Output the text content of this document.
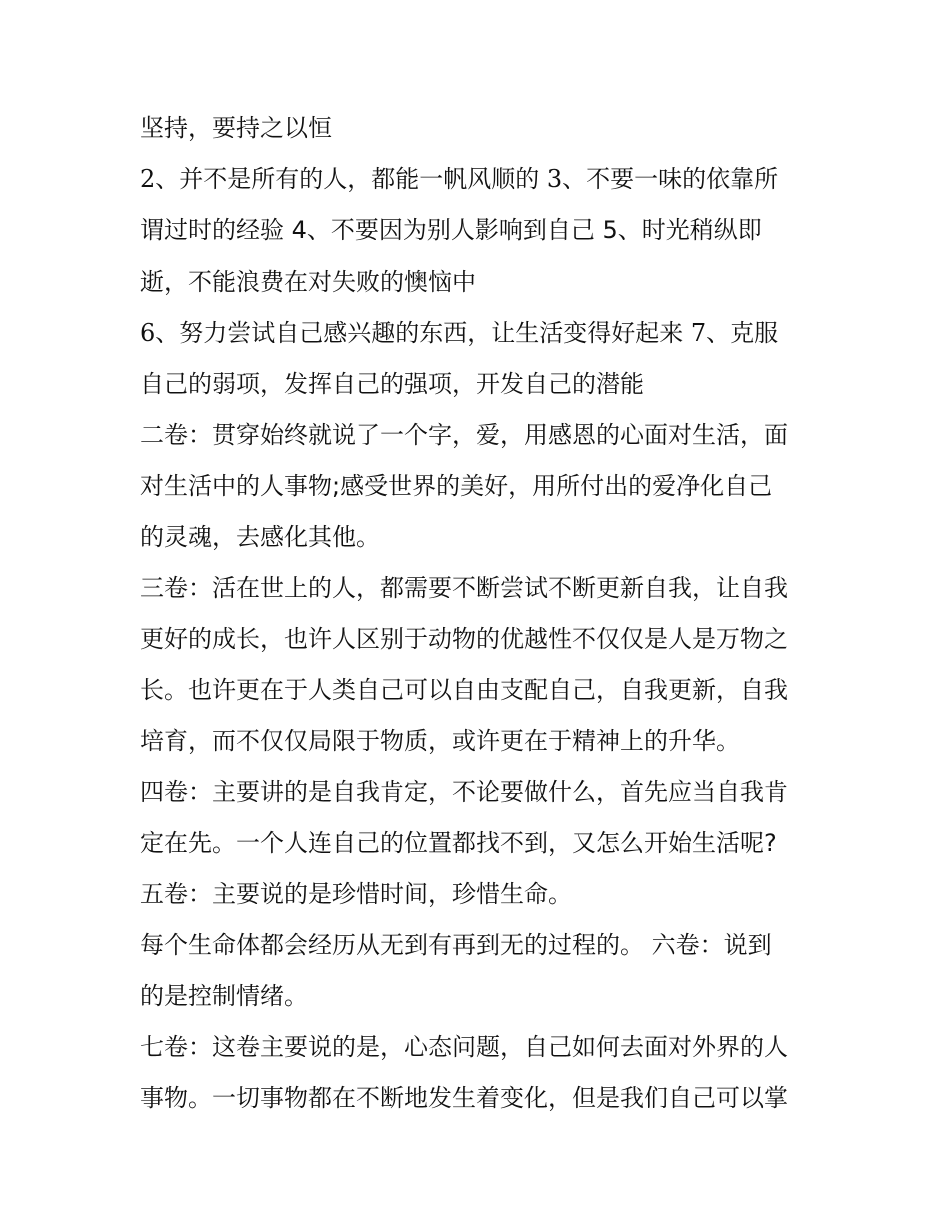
坚持，要持之以恒
2、并不是所有的人，都能一帆风顺的 3、不要一味的依靠所
谓过时的经验 4、不要因为别人影响到自己 5、时光稍纵即
逝，不能浪费在对失败的懊恼中
6、努力尝试自己感兴趣的东西，让生活变得好起来 7、克服
自己的弱项，发挥自己的强项，开发自己的潜能
二卷：贯穿始终就说了一个字，爱，用感恩的心面对生活，面
对生活中的人事物;感受世界的美好，用所付出的爱净化自己
的灵魂，去感化其他。
三卷：活在世上的人，都需要不断尝试不断更新自我，让自我
更好的成长，也许人区别于动物的优越性不仅仅是人是万物之
长。也许更在于人类自己可以自由支配自己，自我更新，自我
培育，而不仅仅局限于物质，或许更在于精神上的升华。
四卷：主要讲的是自我肯定，不论要做什么，首先应当自我肯
定在先。一个人连自己的位置都找不到，又怎么开始生活呢?
五卷：主要说的是珍惜时间，珍惜生命。
每个生命体都会经历从无到有再到无的过程的。 六卷：说到
的是控制情绪。
七卷：这卷主要说的是，心态问题，自己如何去面对外界的人
事物。一切事物都在不断地发生着变化，但是我们自己可以掌
